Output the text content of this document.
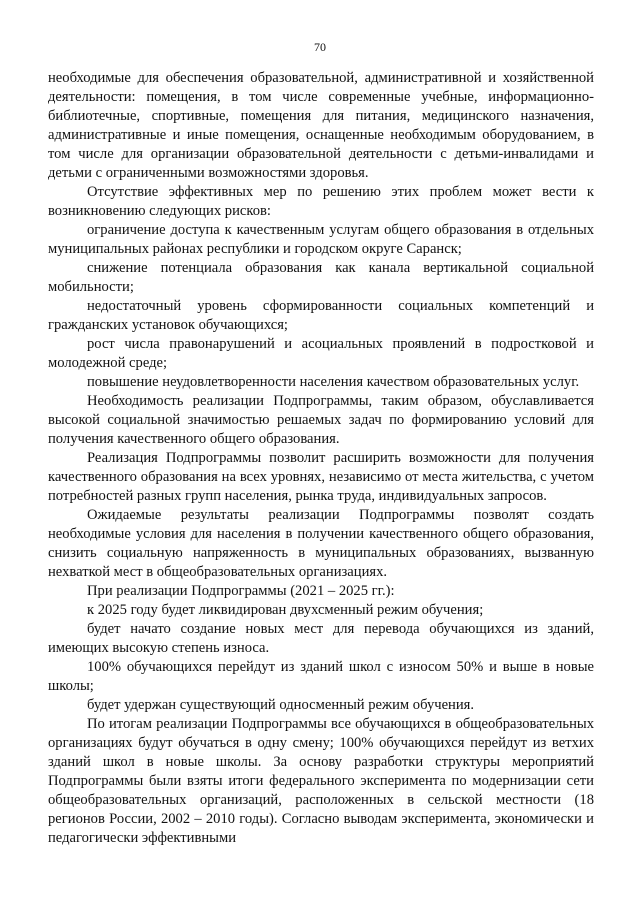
70

необходимые для обеспечения образовательной, административной и хозяйственной деятельности: помещения, в том числе современные учебные, информационно-библиотечные, спортивные, помещения для питания, медицинского назначения, административные и иные помещения, оснащенные необходимым оборудованием, в том числе для организации образовательной деятельности с детьми-инвалидами и детьми с ограниченными возможностями здоровья.

Отсутствие эффективных мер по решению этих проблем может вести к возникновению следующих рисков:

ограничение доступа к качественным услугам общего образования в отдельных муниципальных районах республики и городском округе Саранск;

снижение потенциала образования как канала вертикальной социальной мобильности;

недостаточный уровень сформированности социальных компетенций и гражданских установок обучающихся;

рост числа правонарушений и асоциальных проявлений в подростковой и молодежной среде;

повышение неудовлетворенности населения качеством образовательных услуг.

Необходимость реализации Подпрограммы, таким образом, обуславливается высокой социальной значимостью решаемых задач по формированию условий для получения качественного общего образования.

Реализация Подпрограммы позволит расширить возможности для получения качественного образования на всех уровнях, независимо от места жительства, с учетом потребностей разных групп населения, рынка труда, индивидуальных запросов.

Ожидаемые результаты реализации Подпрограммы позволят создать необходимые условия для населения в получении качественного общего образования, снизить социальную напряженность в муниципальных образованиях, вызванную нехваткой мест в общеобразовательных организациях.

При реализации Подпрограммы (2021 – 2025 гг.):

к 2025 году будет ликвидирован двухсменный режим обучения;

будет начато создание новых мест для перевода обучающихся из зданий, имеющих высокую степень износа.

100% обучающихся перейдут из зданий школ с износом 50% и выше в новые школы;

будет удержан существующий односменный режим обучения.

По итогам реализации Подпрограммы все обучающихся в общеобразовательных организациях будут обучаться в одну смену; 100% обучающихся перейдут из ветхих зданий школ в новые школы. За основу разработки структуры мероприятий Подпрограммы были взяты итоги федерального эксперимента по модернизации сети общеобразовательных организаций, расположенных в сельской местности (18 регионов России, 2002 – 2010 годы). Согласно выводам эксперимента, экономически и педагогически эффективными
